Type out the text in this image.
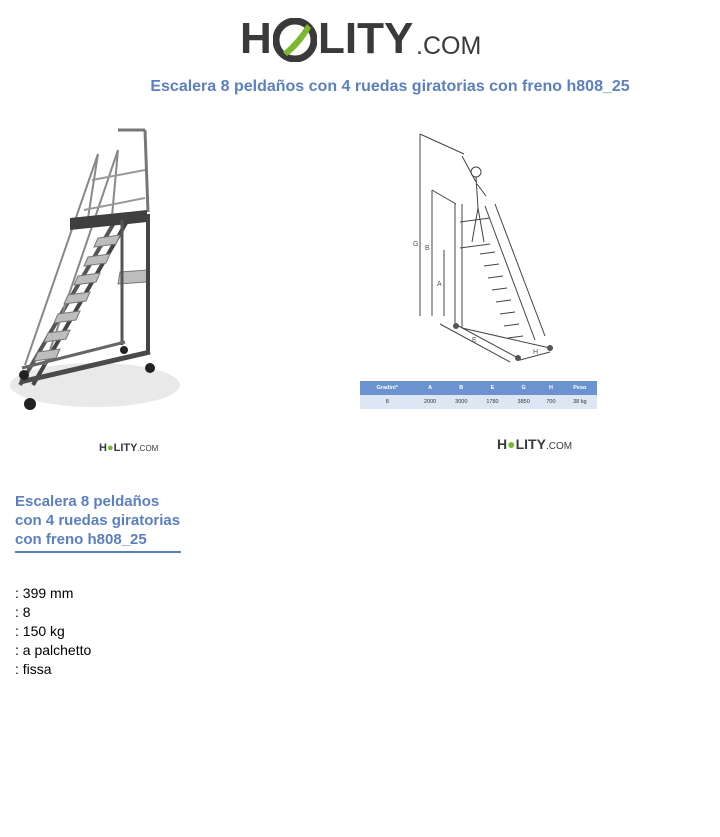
H LITY .COM
Escalera 8 peldaños con 4 ruedas giratorias con freno h808_25
G
B
A
E
H
Gradini*	A	B	E	G	H	Peso
8	2000	3000	1780	3850	700	38 kg
H●LITY.COM	H●LITY.COM
Escalera 8 peldaños con 4 ruedas giratorias con freno h808_25

: 399 mm

: 8

: 150 kg

: a palchetto

: fissa
